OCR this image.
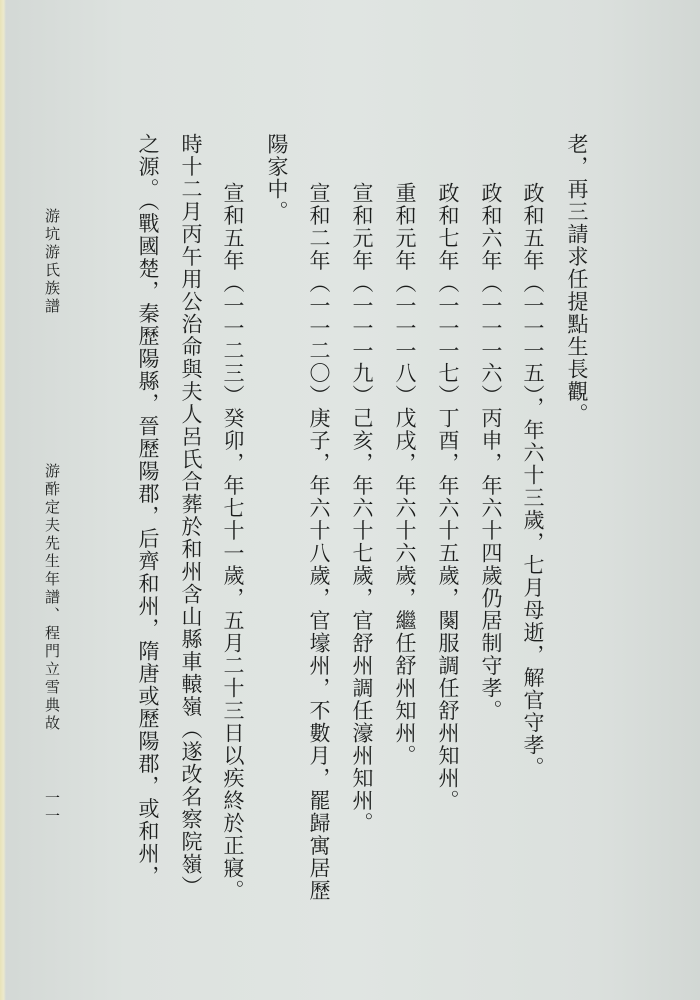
老，再三請求任提點生長觀。
政和五年（一一一五），年六十三歲，七月母逝，解官守孝。
政和六年（一一一六）丙申，年六十四歲仍居制守孝。
政和七年（一一一七）丁酉，年六十五歲，闋服調任舒州知州。
重和元年（一一一八）戊戌，年六十六歲，繼任舒州知州。
宣和元年（一一一九）己亥，年六十七歲，官舒州調任濠州知州。
宣和二年（一一二〇）庚子，年六十八歲，官壕州，不數月，罷歸寓居歷
陽家中。
宣和五年（一一二三）癸卯，年七十一歲，五月二十三日以疾終於正寢。
時十二月丙午用公治命與夫人呂氏合葬於和州含山縣車轅嶺（遂改名察院嶺）
之源。（戰國楚，秦歷陽縣，晉歷陽郡，后齊和州，隋唐或歷陽郡，或和州，
游坑游氏族譜
游酢定夫先生年譜、程門立雪典故
一一
